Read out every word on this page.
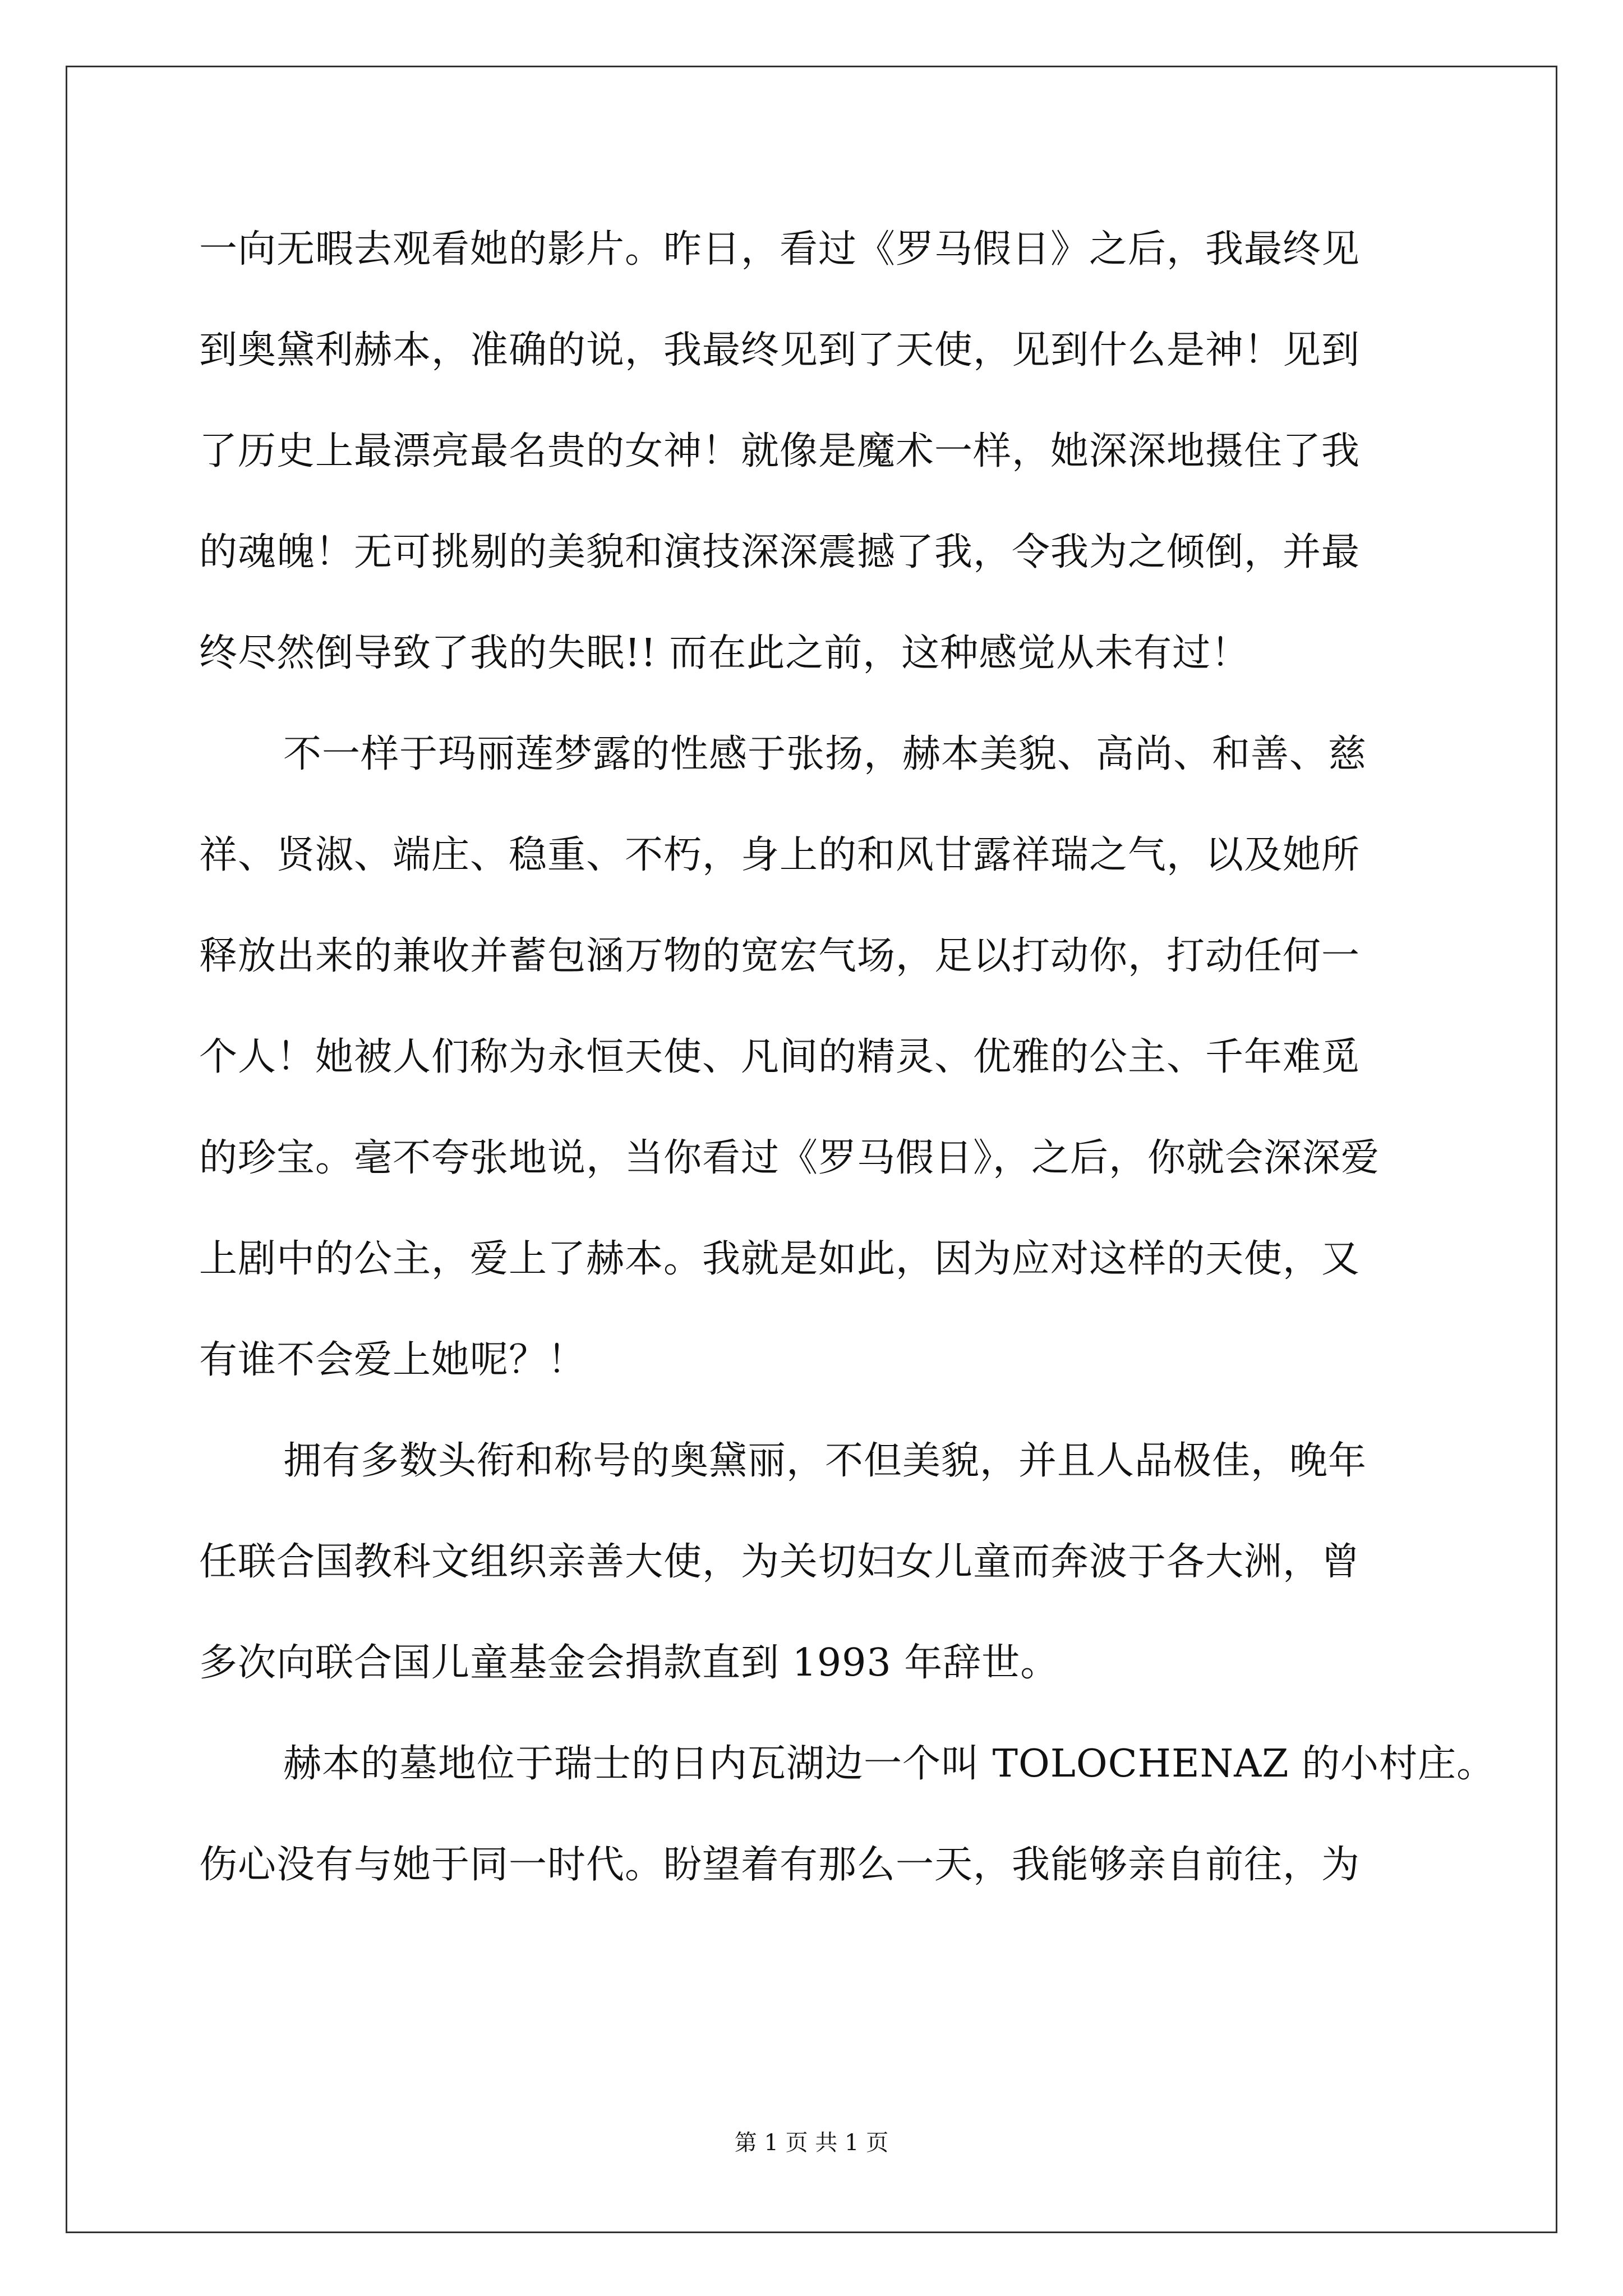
一向无暇去观看她的影片。昨日，看过《罗马假日》之后，我最终见
到奥黛利赫本，准确的说，我最终见到了天使，见到什么是神！见到
了历史上最漂亮最名贵的女神！就像是魔术一样，她深深地摄住了我
的魂魄！无可挑剔的美貌和演技深深震撼了我，令我为之倾倒，并最
终尽然倒导致了我的失眠!! 而在此之前，这种感觉从未有过！
不一样于玛丽莲梦露的性感于张扬，赫本美貌、高尚、和善、慈
祥、贤淑、端庄、稳重、不朽，身上的和风甘露祥瑞之气，以及她所
释放出来的兼收并蓄包涵万物的宽宏气场，足以打动你，打动任何一
个人！她被人们称为永恒天使、凡间的精灵、优雅的公主、千年难觅
的珍宝。毫不夸张地说，当你看过《罗马假日》，之后，你就会深深爱
上剧中的公主，爱上了赫本。我就是如此，因为应对这样的天使，又
有谁不会爱上她呢？！
拥有多数头衔和称号的奥黛丽，不但美貌，并且人品极佳，晚年
任联合国教科文组织亲善大使，为关切妇女儿童而奔波于各大洲，曾
多次向联合国儿童基金会捐款直到 1993 年辞世。
赫本的墓地位于瑞士的日内瓦湖边一个叫 TOLOCHENAZ 的小村庄。
伤心没有与她于同一时代。盼望着有那么一天，我能够亲自前往，为
第 1 页 共 1 页
